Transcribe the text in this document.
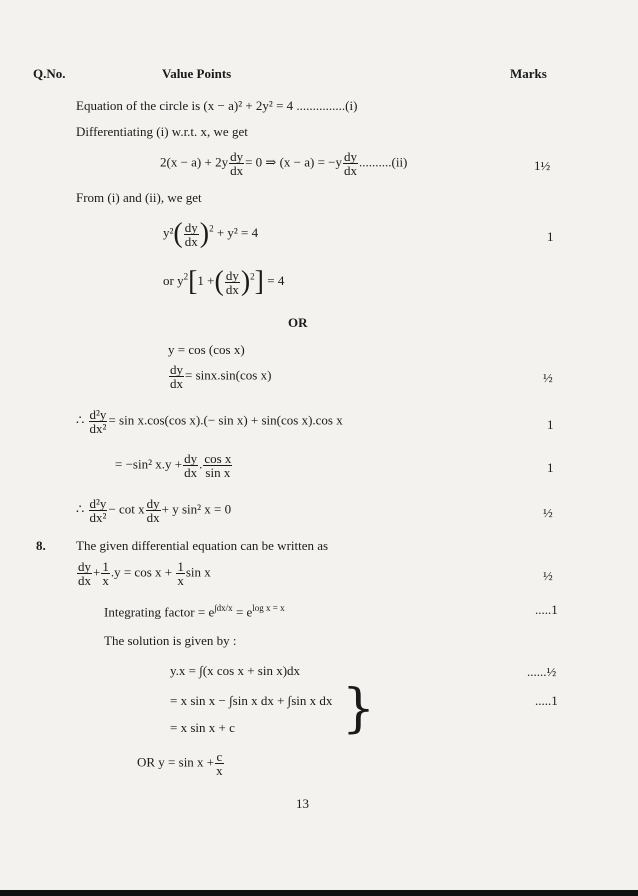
Q.No.	Value Points	Marks
Equation of the circle is (x − a)² + 2y² = 4 ...............(i)
Differentiating (i) w.r.t. x, we get
$2(x - a) + 2y \frac{dy}{dx} = 0$ ⇒ $(x - a) = -y \frac{dy}{dx} ..........(ii)$	1½
From (i) and (ii), we get
$y^2( \frac{dy}{dx} )^2 + y^2 = 4$	1
or $y^2[1$ +( $\frac{dy}{dx} )^2] = 4$
OR
y = cos (cos x)
$\frac{dy}{dx} = \sin x.\sin(\cos$ x)	½
∴ $\frac{\text{d²y}}{\text{dx²}} = \sin x.\cos(\cos$ x).(− sin x) + sin(cos x).cos x	1
= −sin² $x.y + \frac{dy}{dx}$ . $\frac{\text{cos x}}{\text{sin x}}$	1
∴ $\frac{\text{d²y}}{\text{dx²}} - \cot x \frac{dy}{dx} + y$ sin² x = 0	½
8. The given differential equation can be written as
$\frac{dy}{dx} + \frac{1}{x} .y = \cos x + \frac{1}{x}$ sin x	½
Integrating factor = $e^{\int dx/x} = e^{log x = x}$	.....1
The solution is given by :
y.x = ∫(x cos x + sin x)dx	......½
= x sin x − ∫sin x dx + ∫sin x dx	.....1
}
= x sin x + c
OR $y = \sin x + \frac{c}{x}$
13
